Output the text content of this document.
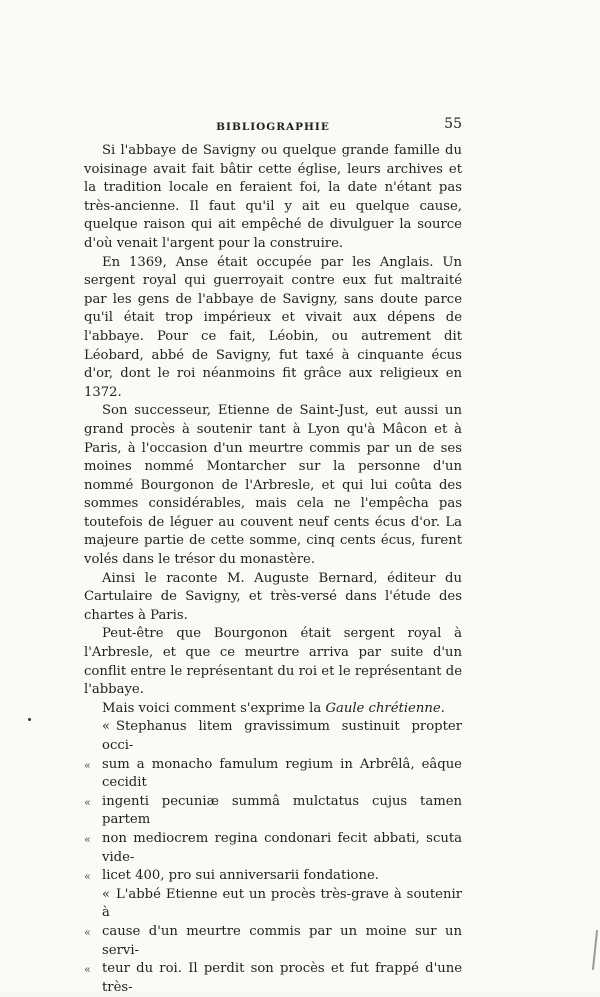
BIBLIOGRAPHIE	55

Si l'abbaye de Savigny ou quelque grande famille du voisinage avait fait bâtir cette église, leurs archives et la tradition locale en feraient foi, la date n'étant pas très-ancienne. Il faut qu'il y ait eu quelque cause, quelque raison qui ait empêché de divulguer la source d'où venait l'argent pour la construire.

En 1369, Anse était occupée par les Anglais. Un sergent royal qui guerroyait contre eux fut maltraité par les gens de l'abbaye de Savigny, sans doute parce qu'il était trop impérieux et vivait aux dépens de l'abbaye. Pour ce fait, Léobin, ou autrement dit Léobard, abbé de Savigny, fut taxé à cinquante écus d'or, dont le roi néanmoins fit grâce aux religieux en 1372.

Son successeur, Etienne de Saint-Just, eut aussi un grand procès à soutenir tant à Lyon qu'à Mâcon et à Paris, à l'occasion d'un meurtre commis par un de ses moines nommé Montarcher sur la personne d'un nommé Bourgonon de l'Arbresle, et qui lui coûta des sommes considérables, mais cela ne l'empêcha pas toutefois de léguer au couvent neuf cents écus d'or. La majeure partie de cette somme, cinq cents écus, furent volés dans le trésor du monastère.

Ainsi le raconte M. Auguste Bernard, éditeur du Cartulaire de Savigny, et très-versé dans l'étude des chartes à Paris.

Peut-être que Bourgonon était sergent royal à l'Arbresle, et que ce meurtre arriva par suite d'un conflit entre le représentant du roi et le représentant de l'abbaye.

Mais voici comment s'exprime la Gaule chrétienne.

« Stephanus litem gravissimum sustinuit propter occi-
« sum a monacho famulum regium in Arbrêlâ, eâque cecidit
« ingenti pecuniæ summâ mulctatus cujus tamen partem
« non mediocrem regina condonari fecit abbati, scuta vide-
« licet 400, pro sui anniversarii fondatione.
« L'abbé Etienne eut un procès très-grave à soutenir à
« cause d'un meurtre commis par un moine sur un servi-
« teur du roi. Il perdit son procès et fut frappé d'une très-
